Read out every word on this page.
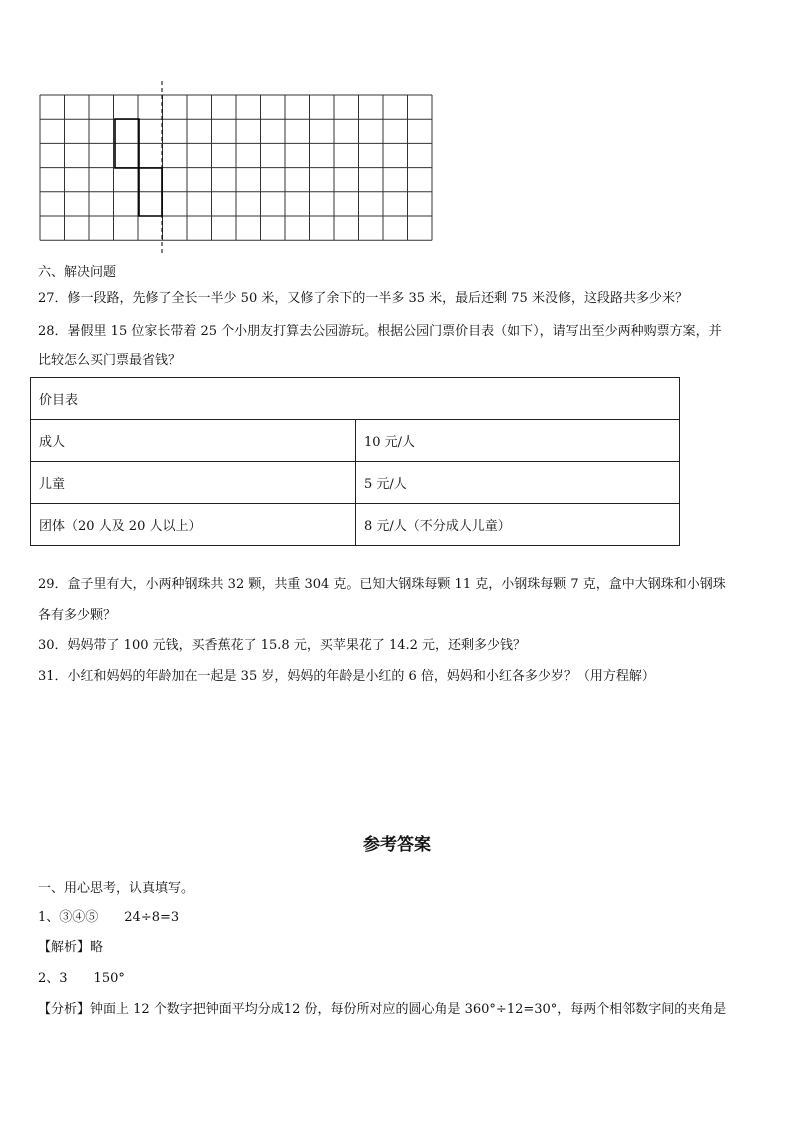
六、解决问题
27．修一段路，先修了全长一半少 50 米，又修了余下的一半多 35 米，最后还剩 75 米没修，这段路共多少米？
28．暑假里 15 位家长带着 25 个小朋友打算去公园游玩。根据公园门票价目表（如下），请写出至少两种购票方案，并
比较怎么买门票最省钱？
价目表	
成人	10 元/人
儿童	5 元/人
团体（20 人及 20 人以上）	8 元/人（不分成人儿童）
29．盒子里有大，小两种钢珠共 32 颗，共重 304 克。已知大钢珠每颗 11 克，小钢珠每颗 7 克，盒中大钢珠和小钢珠
各有多少颗？
30．妈妈带了 100 元钱，买香蕉花了 15.8 元，买苹果花了 14.2 元，还剩多少钱？
31．小红和妈妈的年龄加在一起是 35 岁，妈妈的年龄是小红的 6 倍，妈妈和小红各多少岁？（用方程解）
参考答案
一、用心思考，认真填写。
1、③④⑤　　24÷8=3
【解析】略
2、3　　150°
【分析】钟面上 12 个数字把钟面平均分成12 份，每份所对应的圆心角是 360°÷12=30°，每两个相邻数字间的夹角是
